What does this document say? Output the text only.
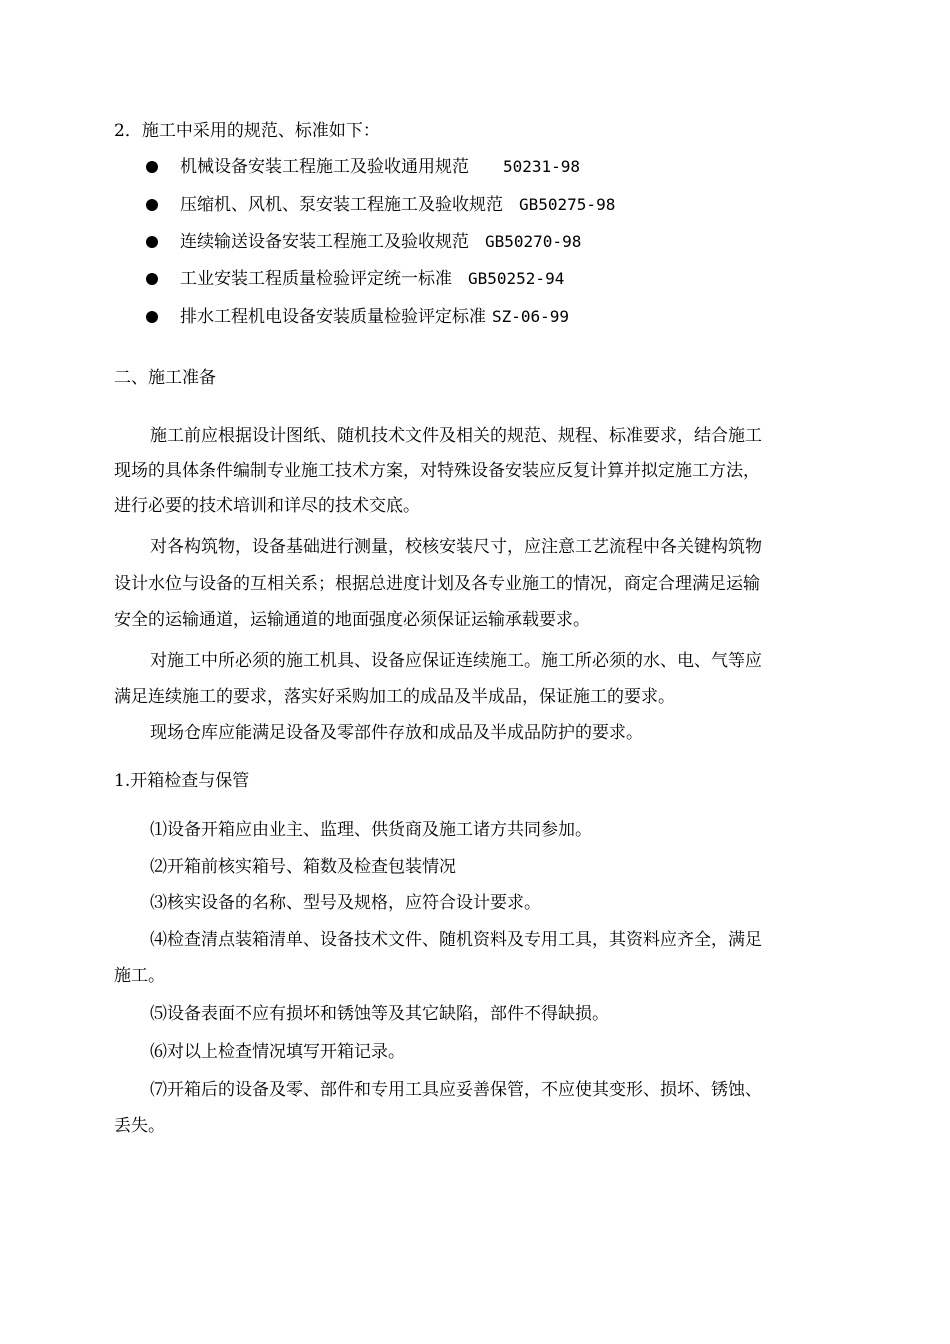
2．施工中采用的规范、标准如下：
机械设备安装工程施工及验收通用规范 50231-98
压缩机、风机、泵安装工程施工及验收规范 GB50275-98
连续输送设备安装工程施工及验收规范 GB50270-98
工业安装工程质量检验评定统一标准 GB50252-94
排水工程机电设备安装质量检验评定标准 SZ-06-99
二、施工准备
施工前应根据设计图纸、随机技术文件及相关的规范、规程、标准要求，结合施工
现场的具体条件编制专业施工技术方案，对特殊设备安装应反复计算并拟定施工方法，
进行必要的技术培训和详尽的技术交底。
对各构筑物，设备基础进行测量，校核安装尺寸，应注意工艺流程中各关键构筑物
设计水位与设备的互相关系；根据总进度计划及各专业施工的情况，商定合理满足运输
安全的运输通道，运输通道的地面强度必须保证运输承载要求。
对施工中所必须的施工机具、设备应保证连续施工。施工所必须的水、电、气等应
满足连续施工的要求，落实好采购加工的成品及半成品，保证施工的要求。
现场仓库应能满足设备及零部件存放和成品及半成品防护的要求。
1.开箱检查与保管
⑴设备开箱应由业主、监理、供货商及施工诸方共同参加。
⑵开箱前核实箱号、箱数及检查包装情况
⑶核实设备的名称、型号及规格，应符合设计要求。
⑷检查清点装箱清单、设备技术文件、随机资料及专用工具，其资料应齐全，满足
施工。
⑸设备表面不应有损坏和锈蚀等及其它缺陷，部件不得缺损。
⑹对以上检查情况填写开箱记录。
⑺开箱后的设备及零、部件和专用工具应妥善保管，不应使其变形、损坏、锈蚀、
丢失。
